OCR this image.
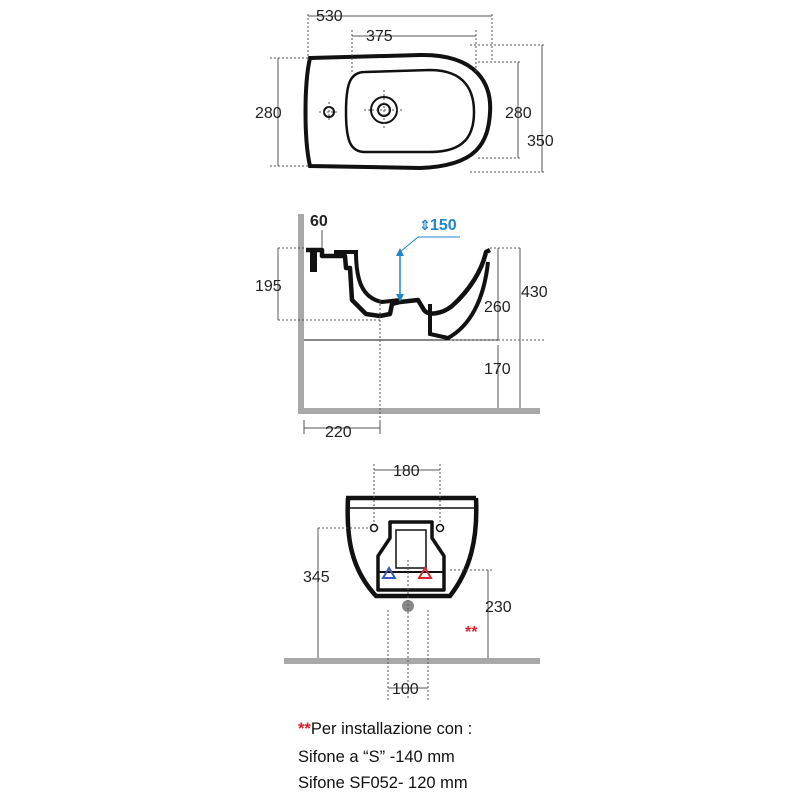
530
375
280	280
350
60	⇕ 150
195
260
430
170
220
180
345
230
**
100
**Per installazione con :
Sifone a “S” -140 mm
Sifone SF052- 120 mm
